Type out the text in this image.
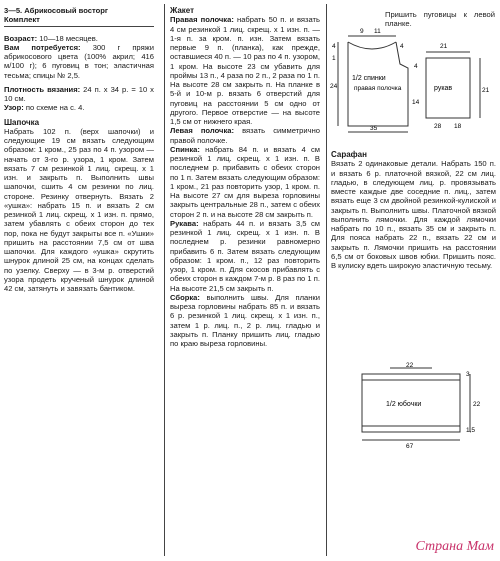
3—5. Абрикосовый восторг
Комплект
Возраст: 10—18 месяцев.
Вам потребуется: 300 г пряжи абрикосового цвета (100% акрил; 416 м/100 г); 6 пуговиц в тон; эластичная тесьма; спицы № 2,5.
Плотность вязания: 24 п. x 34 р. = 10 x 10 см.
Узор: по схеме на с. 4.
Шапочка
Набрать 102 п. (верх шапочки) и следующие 19 см вязать следующим образом: 1 кром., 25 раз по 4 п. узором — начать от 3-го р. узора, 1 кром. Затем вязать 7 см резинкой 1 лиц. скрещ. x 1 изн. и закрыть п. Выполнить швы шапочки, сшить 4 см резинки по лиц. стороне. Резинку отвернуть. Вязать 2 «ушка»: набрать 15 п. и вязать 2 см резинкой 1 лиц. скрещ. x 1 изн. п. прямо, затем убавлять с обеих сторон до тех пор, пока не будут закрыты все п. «Ушки» пришить на расстоянии 7,5 см от шва шапочки. Для каждого «ушка» скрутить шнурок длиной 25 см, на концах сделать по узелку. Сверху — в 3-м р. отверстий узора продеть крученый шнурок длиной 42 см, затянуть и завязать бантиком.
Жакет
Правая полочка: набрать 50 п. и вязать 4 см резинкой 1 лиц. скрещ. x 1 изн. п. — 1-я п. за кром. п. изн. Затем вязать первые 9 п. (планка), как прежде, оставшиеся 40 п. — 10 раз по 4 п. узором, 1 кром. На высоте 23 см убавить для проймы 13 п., 4 раза по 2 п., 2 раза по 1 п. На высоте 28 см закрыть п. На планке в 5-й и 10-м р. вязать 6 отверстий для пуговиц на расстоянии 5 см одно от другого. Первое отверстие — на высоте 1,5 см от нижнего края.
Левая полочка: вязать симметрично правой полочке.
Спинка: набрать 84 п. и вязать 4 см резинкой 1 лиц. скрещ. x 1 изн. п. В последнем р. прибавить с обеих сторон по 1 п. Затем вязать следующим образом: 1 кром., 21 раз повторить узор, 1 кром. п. На высоте 27 см для выреза горловины закрыть центральные 28 п., затем с обеих сторон 2 п. и на высоте 28 см закрыть п.
Рукава: набрать 44 п. и вязать 3,5 см резинкой 1 лиц. скрещ. x 1 изн. п. В последнем р. резинки равномерно прибавить 6 п. Затем вязать следующим образом: 1 кром. п., 12 раз повторить узор, 1 кром. п. Для скосов прибавлять с обеих сторон в каждом 7-м р. 8 раз по 1 п. На высоте 21,5 см закрыть п.
Сборка: выполнить швы. Для планки выреза горловины набрать 85 п. и вязать 6 р. резинкой 1 лиц. скрещ. x 1 изн. п., затем 1 р. лиц. п., 2 р. лиц. гладью и закрыть п. Планку пришить лиц. гладью по краю выреза горловины.
1/2 спинки
правая полочка	рукав
4	4
4
1
24
9 11
14
35
21
21
28 18
Пришить пуговицы к левой планке.
Сарафан
Вязать 2 одинаковые детали. Набрать 150 п. и вязать 6 р. платочной вязкой, 22 см лиц. гладью, в следующем лиц. р. провязывать вместе каждые две соседние п. лиц., затем вязать еще 3 см двойной резинкой-кулиской и закрыть п. Выполнить швы. Платочной вязкой выполнить лямочки. Для каждой лямочки набрать по 10 п., вязать 35 см и закрыть п. Для пояса набрать 22 п., вязать 22 см и закрыть п. Лямочки пришить на расстоянии 6,5 см от боковых швов юбки. Пришить пояс. В кулиску вдеть широкую эластичную тесьму.
1/2 юбочки
3
22
1,5
67
22
Страна Мам
